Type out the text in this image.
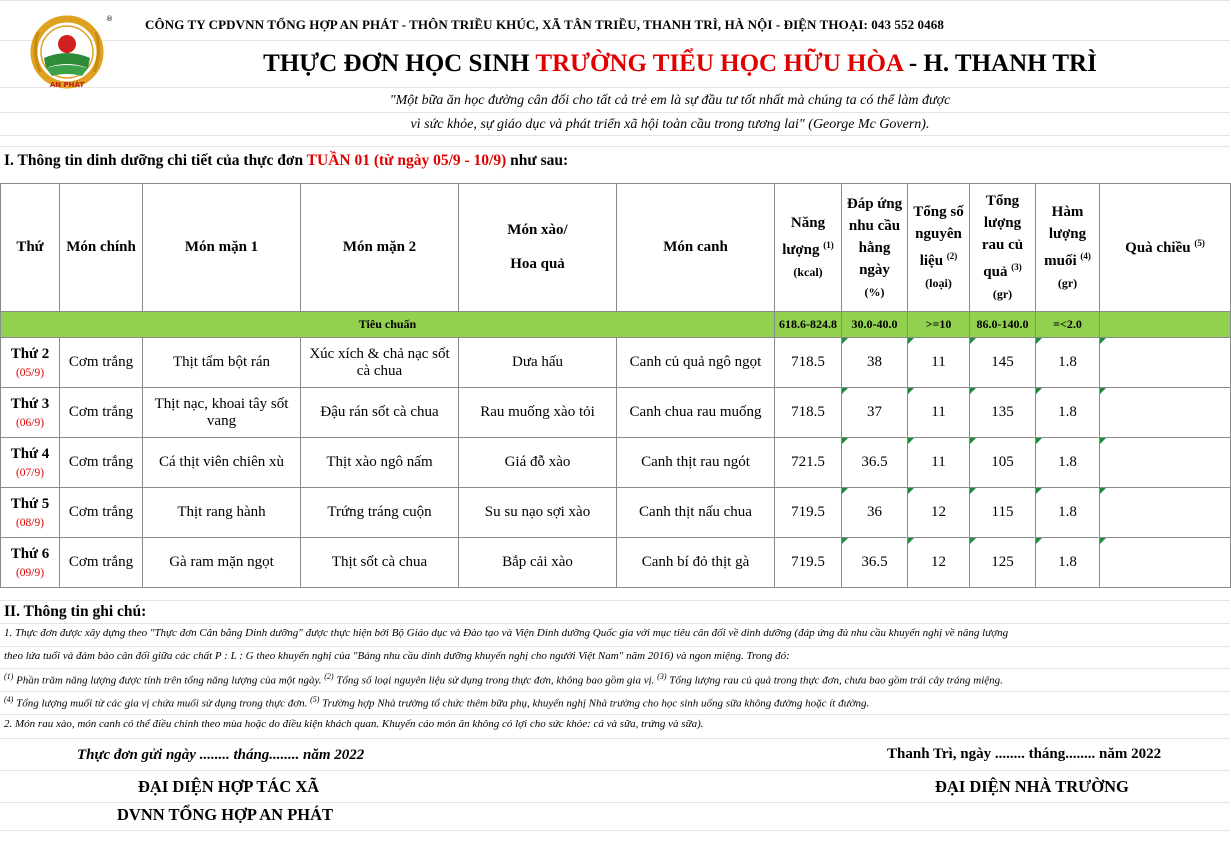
AN PHÁT
® CÔNG TY CPDVNN TỔNG HỢP AN PHÁT - THÔN TRIỀU KHÚC, XÃ TÂN TRIỀU, THANH TRÌ, HÀ NỘI - ĐIỆN THOẠI: 043 552 0468
THỰC ĐƠN HỌC SINH TRƯỜNG TIỂU HỌC HỮU HÒA - H. THANH TRÌ
"Một bữa ăn học đường cân đối cho tất cả trẻ em là sự đầu tư tốt nhất mà chúng ta có thể làm được
vì sức khỏe, sự giáo dục và phát triển xã hội toàn cầu trong tương lai" (George Mc Govern).
I. Thông tin dinh dưỡng chi tiết của thực đơn TUẦN 01 (từ ngày 05/9 - 10/9) như sau:
Thứ	Món chính	Món mặn 1	Món mặn 2	Món xào/

Hoa quả	Món canh	Năng lượng $^{(1)}$
(kcal)	Đáp ứng nhu cầu hằng ngày
(%)	Tổng số nguyên liệu $^{(2)}$
(loại)	Tổng lượng rau củ quả $^{(3)}$
(gr)	Hàm lượng muối $^{(4)}$
(gr)	Quà chiều $^{(5)}$
Tiêu chuẩn						618.6-824.8	30.0-40.0	>=10	86.0-140.0	=<2.0	

Thứ 2
(05/9)	Cơm trắng	Thịt tẩm bột rán	Xúc xích & chả nạc sốt cà chua	Dưa hấu	Canh củ quả ngô ngọt	718.5	38	11	145	1.8	

Thứ 3
(06/9)	Cơm trắng	Thịt nạc, khoai tây sốt vang	Đậu rán sốt cà chua	Rau muống xào tỏi	Canh chua rau muống	718.5	37	11	135	1.8	

Thứ 4
(07/9)	Cơm trắng	Cá thịt viên chiên xù	Thịt xào ngô nấm	Giá đỗ xào	Canh thịt rau ngót	721.5	36.5	11	105	1.8	

Thứ 5
(08/9)	Cơm trắng	Thịt rang hành	Trứng tráng cuộn	Su su nạo sợi xào	Canh thịt nấu chua	719.5	36	12	115	1.8	

Thứ 6
(09/9)	Cơm trắng	Gà ram mặn ngọt	Thịt sốt cà chua	Bắp cải xào	Canh bí đỏ thịt gà	719.5	36.5	12	125	1.8	
II. Thông tin ghi chú:
1. Thực đơn được xây dựng theo "Thực đơn Cân bằng Dinh dưỡng" được thực hiện bởi Bộ Giáo dục và Đào tạo và Viện Dinh dưỡng Quốc gia với mục tiêu cân đối về dinh dưỡng (đáp ứng đủ nhu cầu khuyến nghị về năng lượng
theo lứa tuổi và đảm bảo cân đối giữa các chất P : L : G theo khuyến nghị của "Bảng nhu cầu dinh dưỡng khuyến nghị cho người Việt Nam" năm 2016) và ngon miệng. Trong đó:
$^{(1)}$ Phần trăm năng lượng được tính trên tổng năng lượng của một ngày. $^{(2)}$ Tổng số loại nguyên liệu sử dụng trong thực đơn, không bao gồm gia vị. $^{(3)}$ Tổng lượng rau củ quả trong thực đơn, chưa bao gồm trái cây tráng miệng.
$^{(4)}$ Tổng lượng muối từ các gia vị chứa muối sử dụng trong thực đơn. $^{(5)}$ Trường hợp Nhà trường tổ chức thêm bữa phụ, khuyến nghị Nhà trường cho học sinh uống sữa không đường hoặc ít đường.
2. Món rau xào, món canh có thể điều chỉnh theo mùa hoặc do điều kiện khách quan. Khuyến cáo món ăn không có lợi cho sức khỏe: cá và sữa, trứng và sữa).
Thực đơn gửi ngày ........ tháng........ năm 2022	Thanh Trì, ngày ........ tháng........ năm 2022
ĐẠI DIỆN HỢP TÁC XÃ
DVNN TỔNG HỢP AN PHÁT
ĐẠI DIỆN NHÀ TRƯỜNG
